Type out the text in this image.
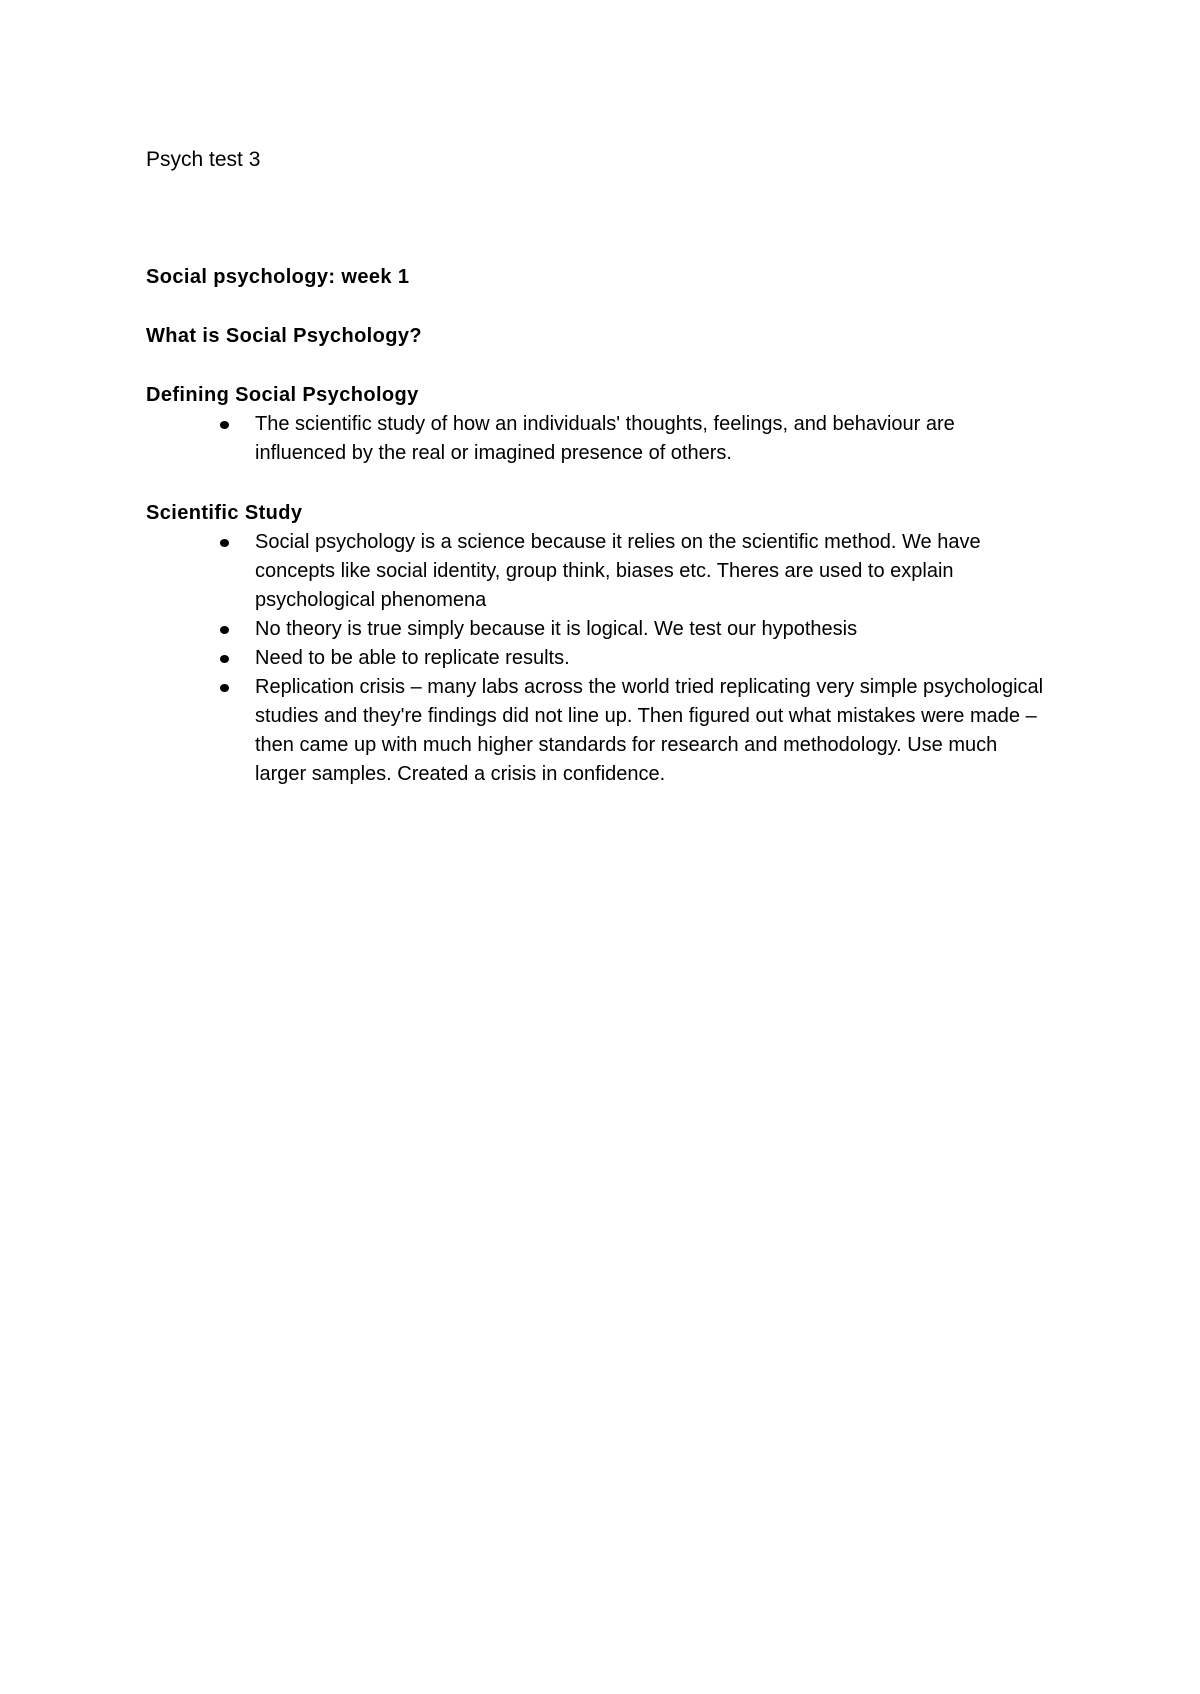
Psych test 3

Social psychology: week 1

What is Social Psychology?

Defining Social Psychology

The scientific study of how an individuals' thoughts, feelings, and behaviour are influenced by the real or imagined presence of others.

Scientific Study

Social psychology is a science because it relies on the scientific method. We have concepts like social identity, group think, biases etc. Theres are used to explain psychological phenomena
No theory is true simply because it is logical. We test our hypothesis
Need to be able to replicate results.
Replication crisis – many labs across the world tried replicating very simple psychological studies and they're findings did not line up. Then figured out what mistakes were made – then came up with much higher standards for research and methodology. Use much larger samples. Created a crisis in confidence.
